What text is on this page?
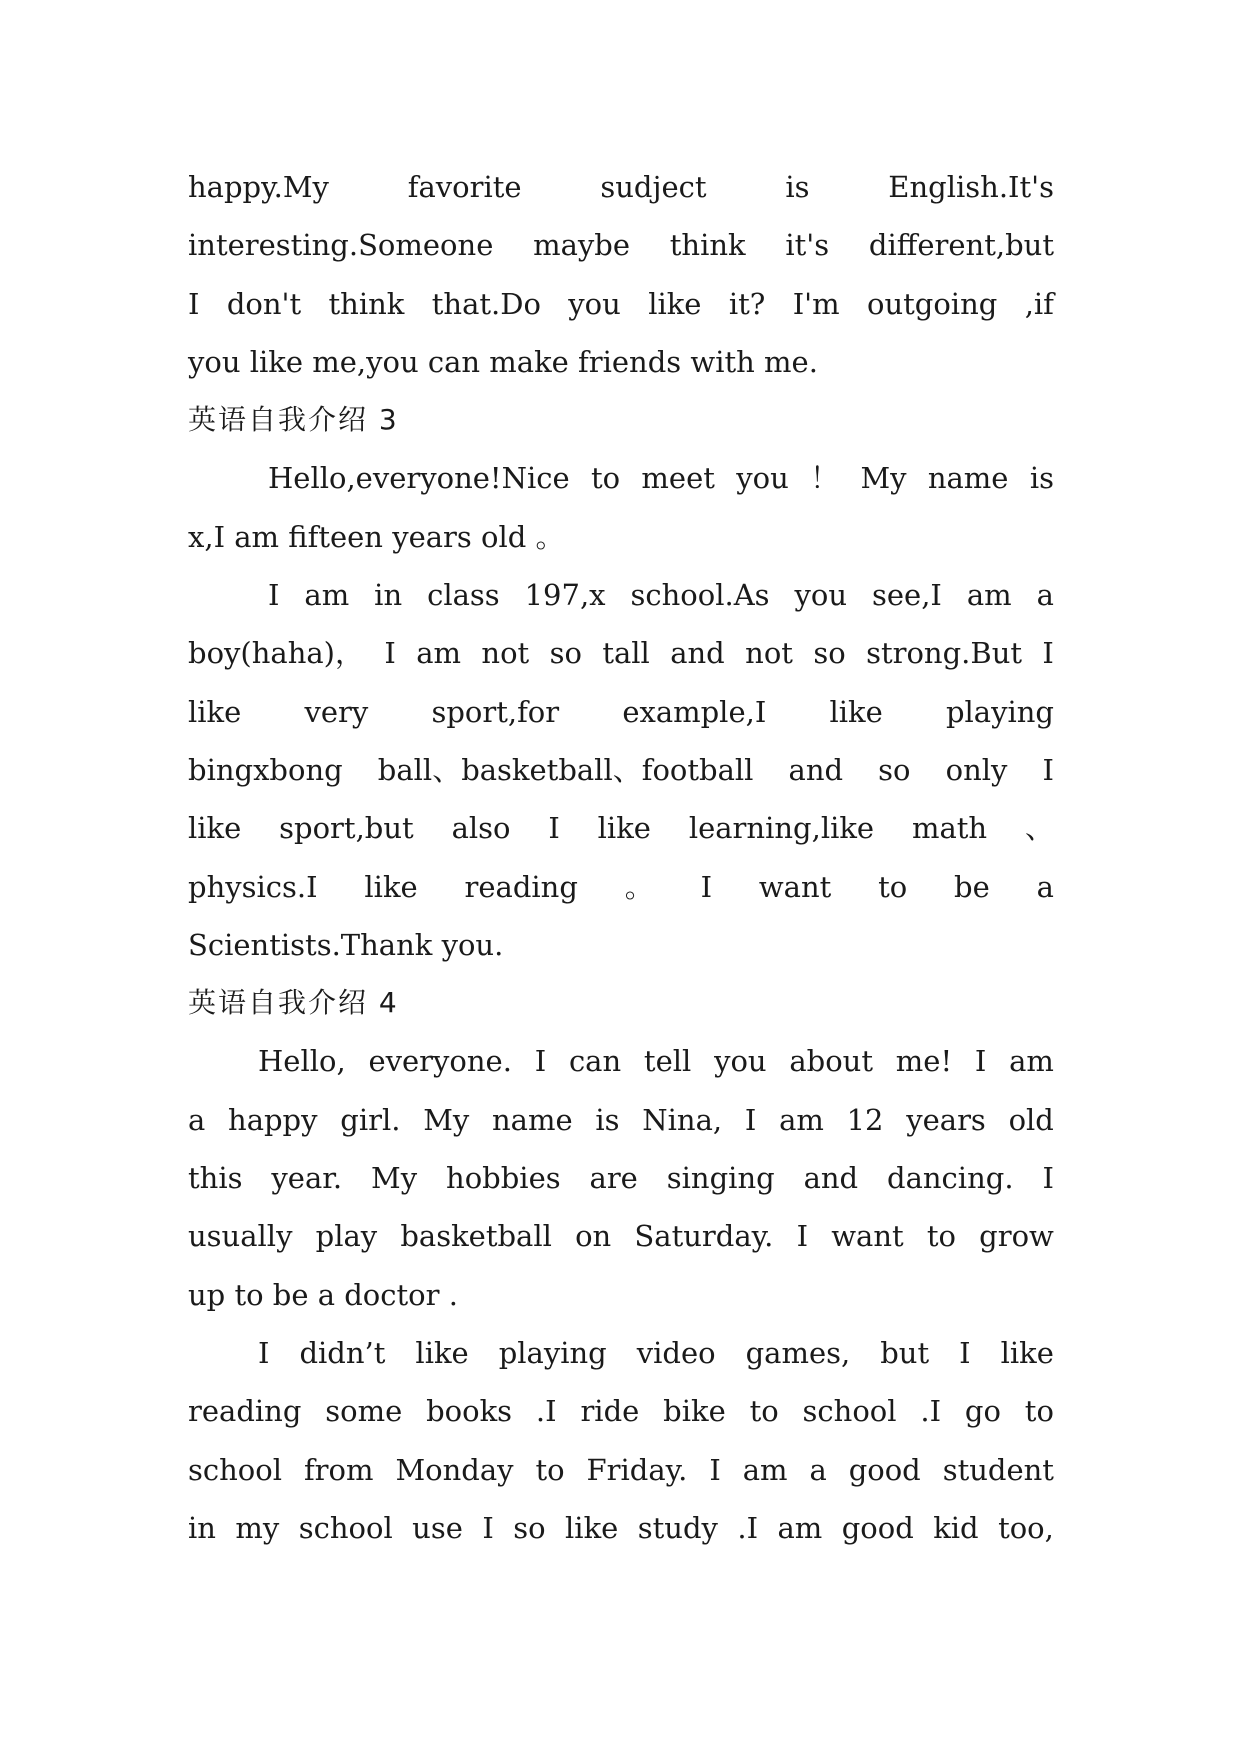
happy.My	favorite	sudject	is	English.It's
interesting.Someone maybe think it's different,but
I don't think that.Do you like it? I'm outgoing ,if
you like me,you can make friends with me.
英语自我介绍 3
Hello,everyone!Nice to meet you ！ My name is
x,I am fifteen years old 。
I am in class 197,x school.As you see,I am a
boy(haha)， I am not so tall and not so strong.But I
like very sport,for example,I like playing
bingxbong ball、basketball、football and so only I
like sport,but also I like learning,like math 、
physics.I like reading 。 I want to be a
Scientists.Thank you.
英语自我介绍 4
Hello, everyone. I can tell you about me! I am
a happy girl. My name is Nina, I am 12 years old
this year. My hobbies are singing and dancing. I
usually play basketball on Saturday. I want to grow
up to be a doctor .
I didn’t like playing video games, but I like
reading some books .I ride bike to school .I go to
school from Monday to Friday. I am a good student
in my school use I so like study .I am good kid too,
